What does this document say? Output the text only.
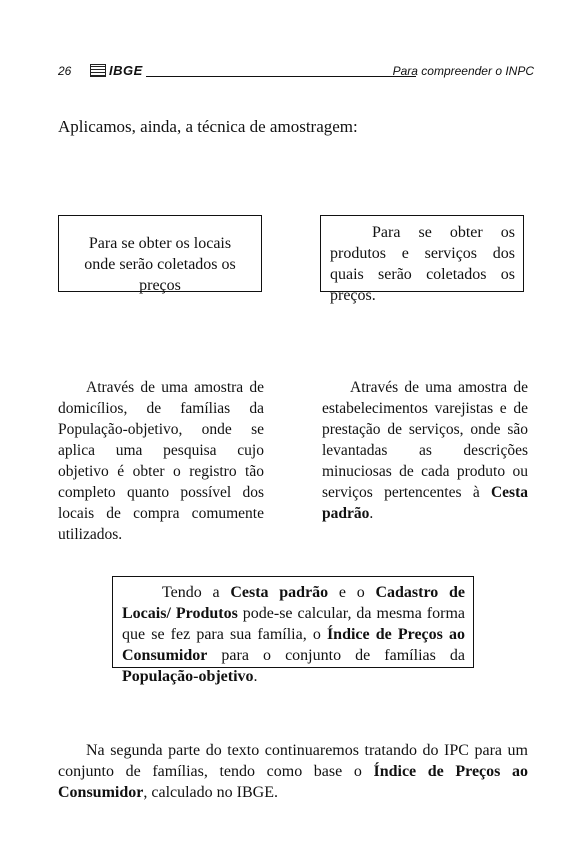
26	IBGE	Para compreender o INPC
Aplicamos, ainda, a técnica de amostragem:
Para se obter os locais
onde serão coletados os preços
Para se obter os produtos e serviços dos quais serão coletados os preços.
Através de uma amostra de domicílios, de famílias da População-objetivo, onde se aplica uma pesquisa cujo objetivo é obter o registro tão completo quanto possível dos locais de compra comumente utilizados.
Através de uma amostra de estabelecimentos varejistas e de prestação de serviços, onde são levantadas as descrições minuciosas de cada produto ou serviços pertencentes à Cesta padrão.
Tendo a Cesta padrão e o Cadastro de Locais/ Produtos pode-se calcular, da mesma forma que se fez para sua família, o Índice de Preços ao Consumidor para o conjunto de famílias da População-objetivo.
Na segunda parte do texto continuaremos tratando do IPC para um conjunto de famílias, tendo como base o Índice de Preços ao Consumidor, calculado no IBGE.
